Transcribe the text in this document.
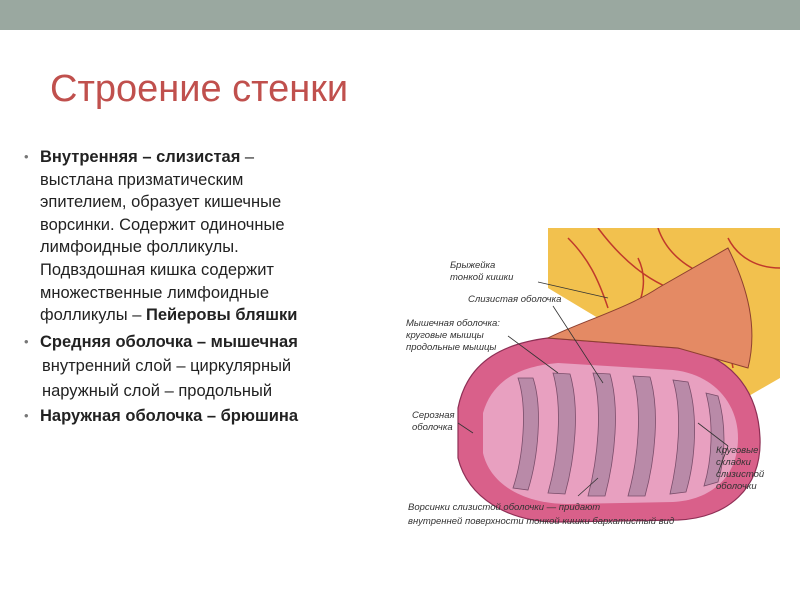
Строение стенки
• Внутренняя – слизистая –
выстлана призматическим
эпителием, образует кишечные
ворсинки. Содержит одиночные
лимфоидные фолликулы.
Подвздошная кишка содержит
множественные лимфоидные
фолликулы – Пейеровы бляшки
• Средняя оболочка – мышечная
внутренний слой – циркулярный
наружный слой – продольный
• Наружная оболочка – брюшина
Брыжейка
тонкой кишки
Слизистая оболочка
Мышечная оболочка:
круговые мышцы
продольные мышцы
Серозная
оболочка
Круговые
складки
слизистой
оболочки
Ворсинки слизистой оболочки — придают
внутренней поверхности тонкой кишки бархатистый вид
